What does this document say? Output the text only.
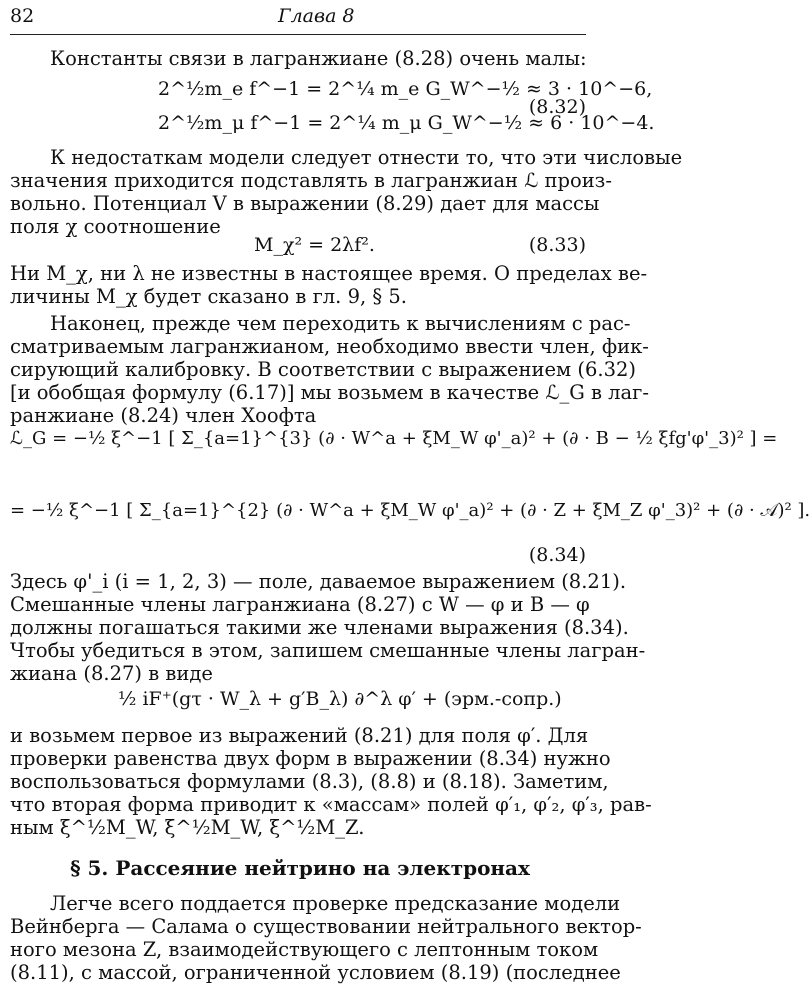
82	Глава 8
Константы связи в лагранжиане (8.28) очень малы:
2^½m_e f^−1 = 2^¼ m_e G_W^−½ ≈ 3 · 10^−6,
2^½m_μ f^−1 = 2^¼ m_μ G_W^−½ ≈ 6 · 10^−4.
(8.32)
К недостаткам модели следует отнести то, что эти числовые
значения приходится подставлять в лагранжиан ℒ произ-
вольно. Потенциал V в выражении (8.29) дает для массы
поля χ соотношение
M_χ² = 2λf².	(8.33)
Ни M_χ, ни λ не известны в настоящее время. О пределах ве-
личины M_χ будет сказано в гл. 9, § 5.
Наконец, прежде чем переходить к вычислениям с рас-
сматриваемым лагранжианом, необходимо ввести член, фик-
сирующий калибровку. В соответствии с выражением (6.32)
[и обобщая формулу (6.17)] мы возьмем в качестве ℒ_G в лаг-
ранжиане (8.24) член Хоофта
ℒ_G = −½ ξ^−1 [ Σ_{a=1}^{3} (∂ · W^a + ξM_W φ'_a)² + (∂ · B − ½ ξfg'φ'_3)² ] =
= −½ ξ^−1 [ Σ_{a=1}^{2} (∂ · W^a + ξM_W φ'_a)² + (∂ · Z + ξM_Z φ'_3)² + (∂ · 𝒜)² ].
(8.34)
Здесь φ'_i (i = 1, 2, 3) — поле, даваемое выражением (8.21).
Смешанные члены лагранжиана (8.27) с W — φ и B — φ
должны погашаться такими же членами выражения (8.34).
Чтобы убедиться в этом, запишем смешанные члены лагран-
жиана (8.27) в виде
½ iF⁺(gτ · W_λ + g′B_λ) ∂^λ φ′ + (эрм.-сопр.)
и возьмем первое из выражений (8.21) для поля φ′. Для
проверки равенства двух форм в выражении (8.34) нужно
воспользоваться формулами (8.3), (8.8) и (8.18). Заметим,
что вторая форма приводит к «массам» полей φ′₁, φ′₂, φ′₃, рав-
ным ξ^½M_W, ξ^½M_W, ξ^½M_Z.
§ 5. Рассеяние нейтрино на электронах
Легче всего поддается проверке предсказание модели
Вейнберга — Салама о существовании нейтрального вектор-
ного мезона Z, взаимодействующего с лептонным током
(8.11), с массой, ограниченной условием (8.19) (последнее
